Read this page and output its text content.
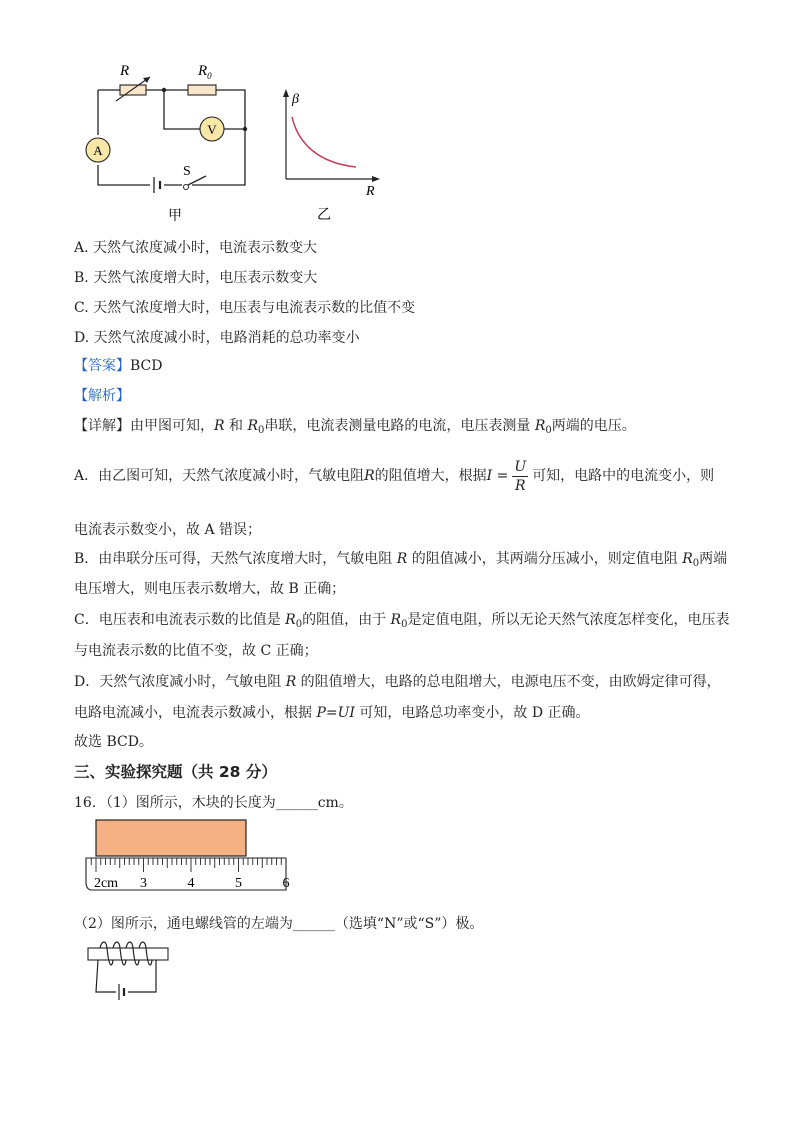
R	$R_0$
A
V
S
甲
β
R
乙
A. 天然气浓度减小时，电流表示数变大
B. 天然气浓度增大时，电压表示数变大
C. 天然气浓度增大时，电压表与电流表示数的比值不变
D. 天然气浓度减小时，电路消耗的总功率变小
【答案】BCD
【解析】
【详解】由甲图可知，R 和 $R_0$串联，电流表测量电路的电流，电压表测量 $R_0$两端的电压。
A．由乙图可知，天然气浓度减小时，气敏电阻R的阻值增大，根据$I = \frac{U}{R}$ 可知，电路中的电流变小，则
电流表示数变小，故 A 错误；
B．由串联分压可得，天然气浓度增大时，气敏电阻 R 的阻值减小，其两端分压减小，则定值电阻 $R_0$两端
电压增大，则电压表示数增大，故 B 正确；
C．电压表和电流表示数的比值是 $R_0$的阻值，由于 $R_0$是定值电阻，所以无论天然气浓度怎样变化，电压表
与电流表示数的比值不变，故 C 正确；
D．天然气浓度减小时，气敏电阻 R 的阻值增大，电路的总电阻增大，电源电压不变，由欧姆定律可得，
电路电流减小，电流表示数减小，根据 P=UI 可知，电路总功率变小，故 D 正确。
故选 BCD。
三、实验探究题（共 28 分）
16．（1）图所示，木块的长度为______cm。
2cm 3	4	5	6
（2）图所示，通电螺线管的左端为______（选填“N”或“S”）极。
